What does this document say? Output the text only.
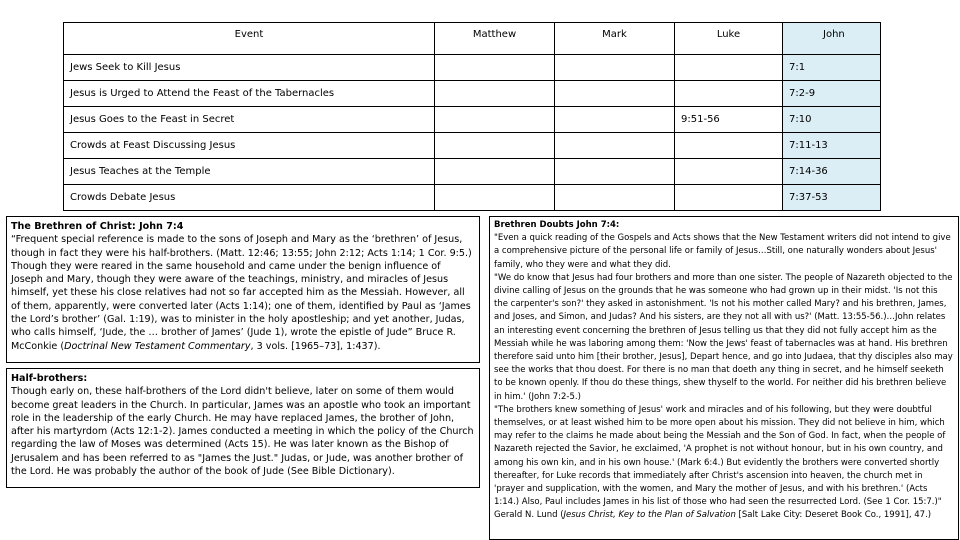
Event	Matthew	Mark	Luke	John
Jews Seek to Kill Jesus				7:1
Jesus is Urged to Attend the Feast of the Tabernacles				7:2-9
Jesus Goes to the Feast in Secret			9:51-56	7:10
Crowds at Feast Discussing Jesus				7:11-13
Jesus Teaches at the Temple				7:14-36
Crowds Debate Jesus				7:37-53

The Brethren of Christ: John 7:4
“Frequent special reference is made to the sons of Joseph and Mary as the ‘brethren’ of Jesus, though in fact they were his half-brothers. (Matt. 12:46; 13:55; John 2:12; Acts 1:14; 1 Cor. 9:5.) Though they were reared in the same household and came under the benign influence of Joseph and Mary, though they were aware of the teachings, ministry, and miracles of Jesus himself, yet these his close relatives had not so far accepted him as the Messiah. However, all of them, apparently, were converted later (Acts 1:14); one of them, identified by Paul as ‘James the Lord’s brother’ (Gal. 1:19), was to minister in the holy apostleship; and yet another, Judas, who calls himself, ‘Jude, the … brother of James’ (Jude 1), wrote the epistle of Jude” Bruce R. McConkie (Doctrinal New Testament Commentary, 3 vols. [1965–73], 1:437).

Half-brothers:
Though early on, these half-brothers of the Lord didn't believe, later on some of them would become great leaders in the Church. In particular, James was an apostle who took an important role in the leadership of the early Church. He may have replaced James, the brother of John, after his martyrdom (Acts 12:1-2). James conducted a meeting in which the policy of the Church regarding the law of Moses was determined (Acts 15). He was later known as the Bishop of Jerusalem and has been referred to as "James the Just." Judas, or Jude, was another brother of the Lord. He was probably the author of the book of Jude (See Bible Dictionary).

Brethren Doubts John 7:4:
"Even a quick reading of the Gospels and Acts shows that the New Testament writers did not intend to give a comprehensive picture of the personal life or family of Jesus…Still, one naturally wonders about Jesus' family, who they were and what they did.
"We do know that Jesus had four brothers and more than one sister. The people of Nazareth objected to the divine calling of Jesus on the grounds that he was someone who had grown up in their midst. 'Is not this the carpenter's son?' they asked in astonishment. 'Is not his mother called Mary? and his brethren, James, and Joses, and Simon, and Judas? And his sisters, are they not all with us?' (Matt. 13:55-56.)…John relates an interesting event concerning the brethren of Jesus telling us that they did not fully accept him as the Messiah while he was laboring among them: 'Now the Jews' feast of tabernacles was at hand. His brethren therefore said unto him [their brother, Jesus], Depart hence, and go into Judaea, that thy disciples also may see the works that thou doest. For there is no man that doeth any thing in secret, and he himself seeketh to be known openly. If thou do these things, shew thyself to the world. For neither did his brethren believe in him.' (John 7:2-5.)
"The brothers knew something of Jesus' work and miracles and of his following, but they were doubtful themselves, or at least wished him to be more open about his mission. They did not believe in him, which may refer to the claims he made about being the Messiah and the Son of God. In fact, when the people of Nazareth rejected the Savior, he exclaimed, 'A prophet is not without honour, but in his own country, and among his own kin, and in his own house.' (Mark 6:4.) But evidently the brothers were converted shortly thereafter, for Luke records that immediately after Christ's ascension into heaven, the church met in 'prayer and supplication, with the women, and Mary the mother of Jesus, and with his brethren.' (Acts 1:14.) Also, Paul includes James in his list of those who had seen the resurrected Lord. (See 1 Cor. 15:7.)" Gerald N. Lund (Jesus Christ, Key to the Plan of Salvation [Salt Lake City: Deseret Book Co., 1991], 47.)
